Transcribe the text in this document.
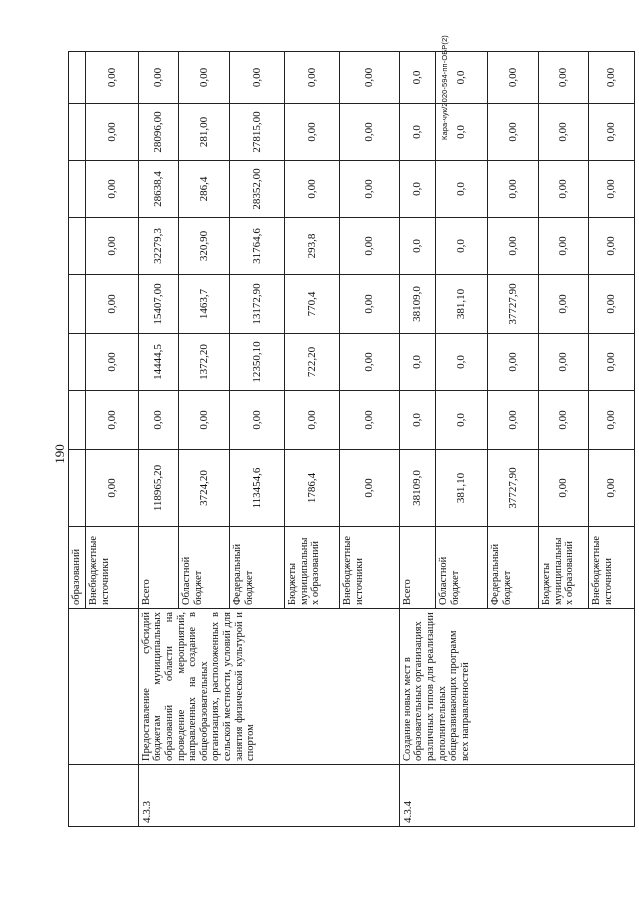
190
Кара-чук/2020-594-пп-ОБР(2)
		образований								
		Внебюджетные источники	0,00	0,00	0,00	0,00	0,00	0,00	0,00	0,00
4.3.3	Предоставление субсидий бюджетам муниципальных образований области на проведение мероприятий, направленных на создание в общеобразовательных организациях, расположенных в сельской местности, условий для занятия физической культурой и спортом	Всего	118965,20	0,00	14444,5	15407,00	32279,3	28638,4	28096,00	0,00
		Областной бюджет	3724,20	0,00	1372,20	1463,7	320,90	286,4	281,00	0,00
		Федеральный бюджет	113454,6	0,00	12350,10	13172,90	31764,6	28352,00	27815,00	0,00
		Бюджеты муниципальны х образований	1786,4	0,00	722,20	770,4	293,8	0,00	0,00	0,00
		Внебюджетные источники	0,00	0,00	0,00	0,00	0,00	0,00	0,00	0,00
4.3.4	Создание новых мест в образовательных организациях различных типов для реализации дополнительных общеразвивающих программ всех направленностей	Всего	38109,0	0,0	0,0	38109,0	0,0	0,0	0,0	0,0
		Областной бюджет	381,10	0,0	0,0	381,10	0,0	0,0	0,0	0,0
		Федеральный бюджет	37727,90	0,00	0,00	37727,90	0,00	0,00	0,00	0,00
		Бюджеты муниципальны х образований	0,00	0,00	0,00	0,00	0,00	0,00	0,00	0,00
		Внебюджетные источники	0,00	0,00	0,00	0,00	0,00	0,00	0,00	0,00
